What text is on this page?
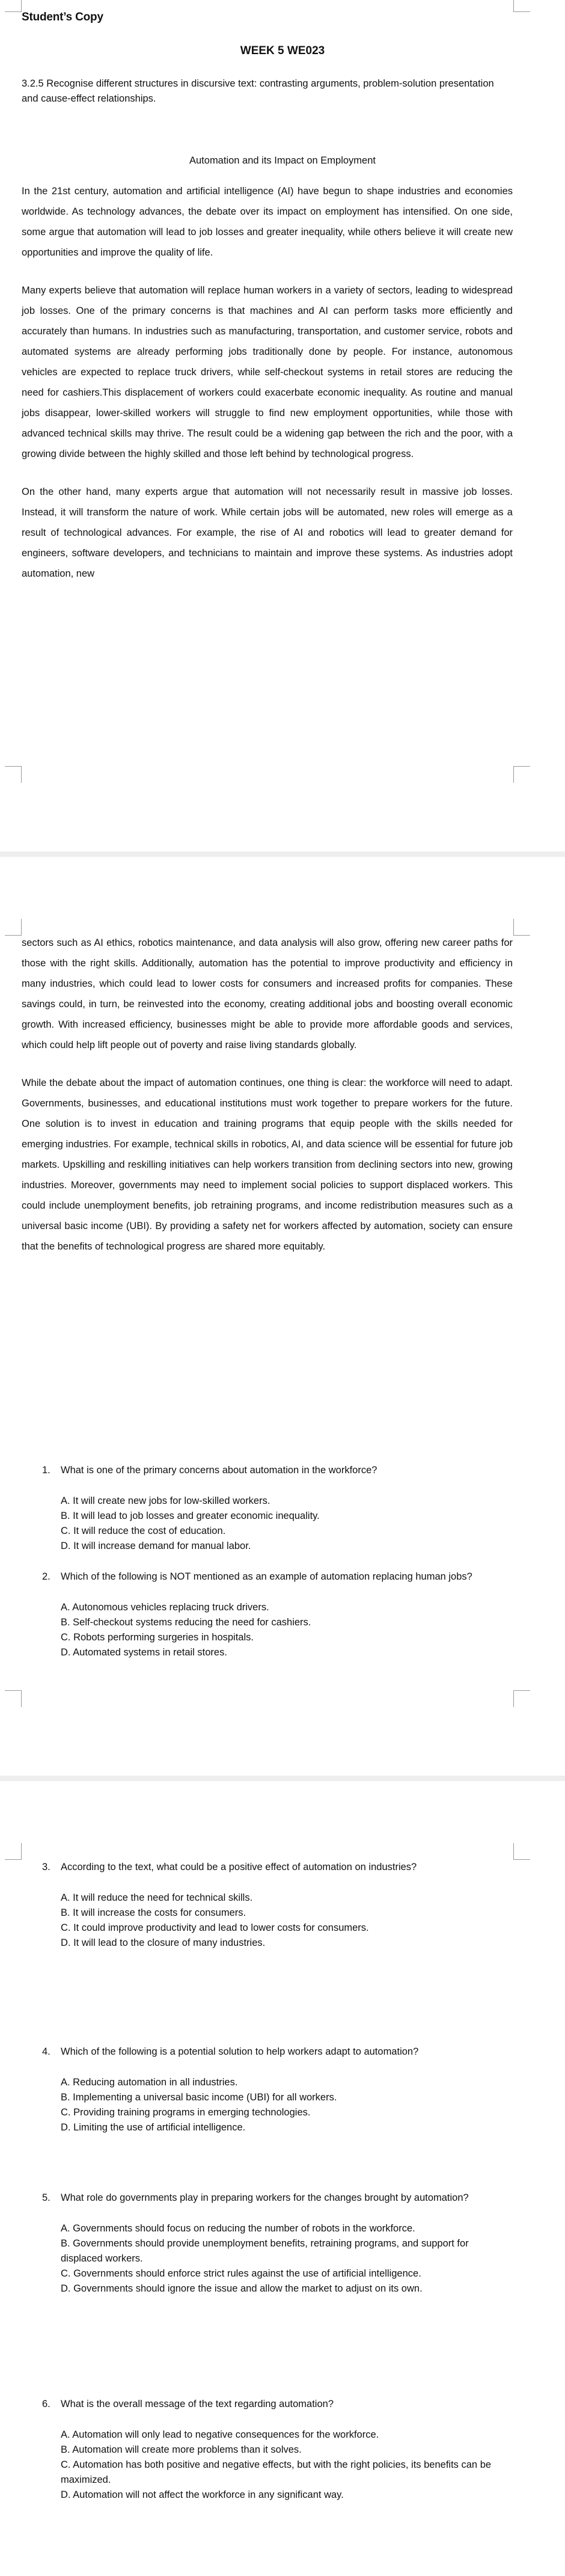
Student’s Copy
WEEK 5 WE023
3.2.5 Recognise different structures in discursive text: contrasting arguments, problem-solution presentation and cause-effect relationships.
Automation and its Impact on Employment

In the 21st century, automation and artificial intelligence (AI) have begun to shape industries and economies worldwide. As technology advances, the debate over its impact on employment has intensified. On one side, some argue that automation will lead to job losses and greater inequality, while others believe it will create new opportunities and improve the quality of life.

Many experts believe that automation will replace human workers in a variety of sectors, leading to widespread job losses. One of the primary concerns is that machines and AI can perform tasks more efficiently and accurately than humans. In industries such as manufacturing, transportation, and customer service, robots and automated systems are already performing jobs traditionally done by people. For instance, autonomous vehicles are expected to replace truck drivers, while self-checkout systems in retail stores are reducing the need for cashiers.This displacement of workers could exacerbate economic inequality. As routine and manual jobs disappear, lower-skilled workers will struggle to find new employment opportunities, while those with advanced technical skills may thrive. The result could be a widening gap between the rich and the poor, with a growing divide between the highly skilled and those left behind by technological progress.

On the other hand, many experts argue that automation will not necessarily result in massive job losses. Instead, it will transform the nature of work. While certain jobs will be automated, new roles will emerge as a result of technological advances. For example, the rise of AI and robotics will lead to greater demand for engineers, software developers, and technicians to maintain and improve these systems. As industries adopt automation, new

sectors such as AI ethics, robotics maintenance, and data analysis will also grow, offering new career paths for those with the right skills. Additionally, automation has the potential to improve productivity and efficiency in many industries, which could lead to lower costs for consumers and increased profits for companies. These savings could, in turn, be reinvested into the economy, creating additional jobs and boosting overall economic growth. With increased efficiency, businesses might be able to provide more affordable goods and services, which could help lift people out of poverty and raise living standards globally.

While the debate about the impact of automation continues, one thing is clear: the workforce will need to adapt. Governments, businesses, and educational institutions must work together to prepare workers for the future. One solution is to invest in education and training programs that equip people with the skills needed for emerging industries. For example, technical skills in robotics, AI, and data science will be essential for future job markets. Upskilling and reskilling initiatives can help workers transition from declining sectors into new, growing industries. Moreover, governments may need to implement social policies to support displaced workers. This could include unemployment benefits, job retraining programs, and income redistribution measures such as a universal basic income (UBI). By providing a safety net for workers affected by automation, society can ensure that the benefits of technological progress are shared more equitably.

1.	What is one of the primary concerns about automation in the workforce?
A. It will create new jobs for low-skilled workers.
B. It will lead to job losses and greater economic inequality.
C. It will reduce the cost of education.
D. It will increase demand for manual labor.
2.	Which of the following is NOT mentioned as an example of automation replacing human jobs?
A. Autonomous vehicles replacing truck drivers.
B. Self-checkout systems reducing the need for cashiers.
C. Robots performing surgeries in hospitals.
D. Automated systems in retail stores.
3.	According to the text, what could be a positive effect of automation on industries?
A. It will reduce the need for technical skills.
B. It will increase the costs for consumers.
C. It could improve productivity and lead to lower costs for consumers.
D. It will lead to the closure of many industries.
4.	Which of the following is a potential solution to help workers adapt to automation?
A. Reducing automation in all industries.
B. Implementing a universal basic income (UBI) for all workers.
C. Providing training programs in emerging technologies.
D. Limiting the use of artificial intelligence.
5.	What role do governments play in preparing workers for the changes brought by automation?
A. Governments should focus on reducing the number of robots in the workforce.
B. Governments should provide unemployment benefits, retraining programs, and support for displaced workers.
C. Governments should enforce strict rules against the use of artificial intelligence.
D. Governments should ignore the issue and allow the market to adjust on its own.
6.	What is the overall message of the text regarding automation?
A. Automation will only lead to negative consequences for the workforce.
B. Automation will create more problems than it solves.
C. Automation has both positive and negative effects, but with the right policies, its benefits can be maximized.
D. Automation will not affect the workforce in any significant way.
